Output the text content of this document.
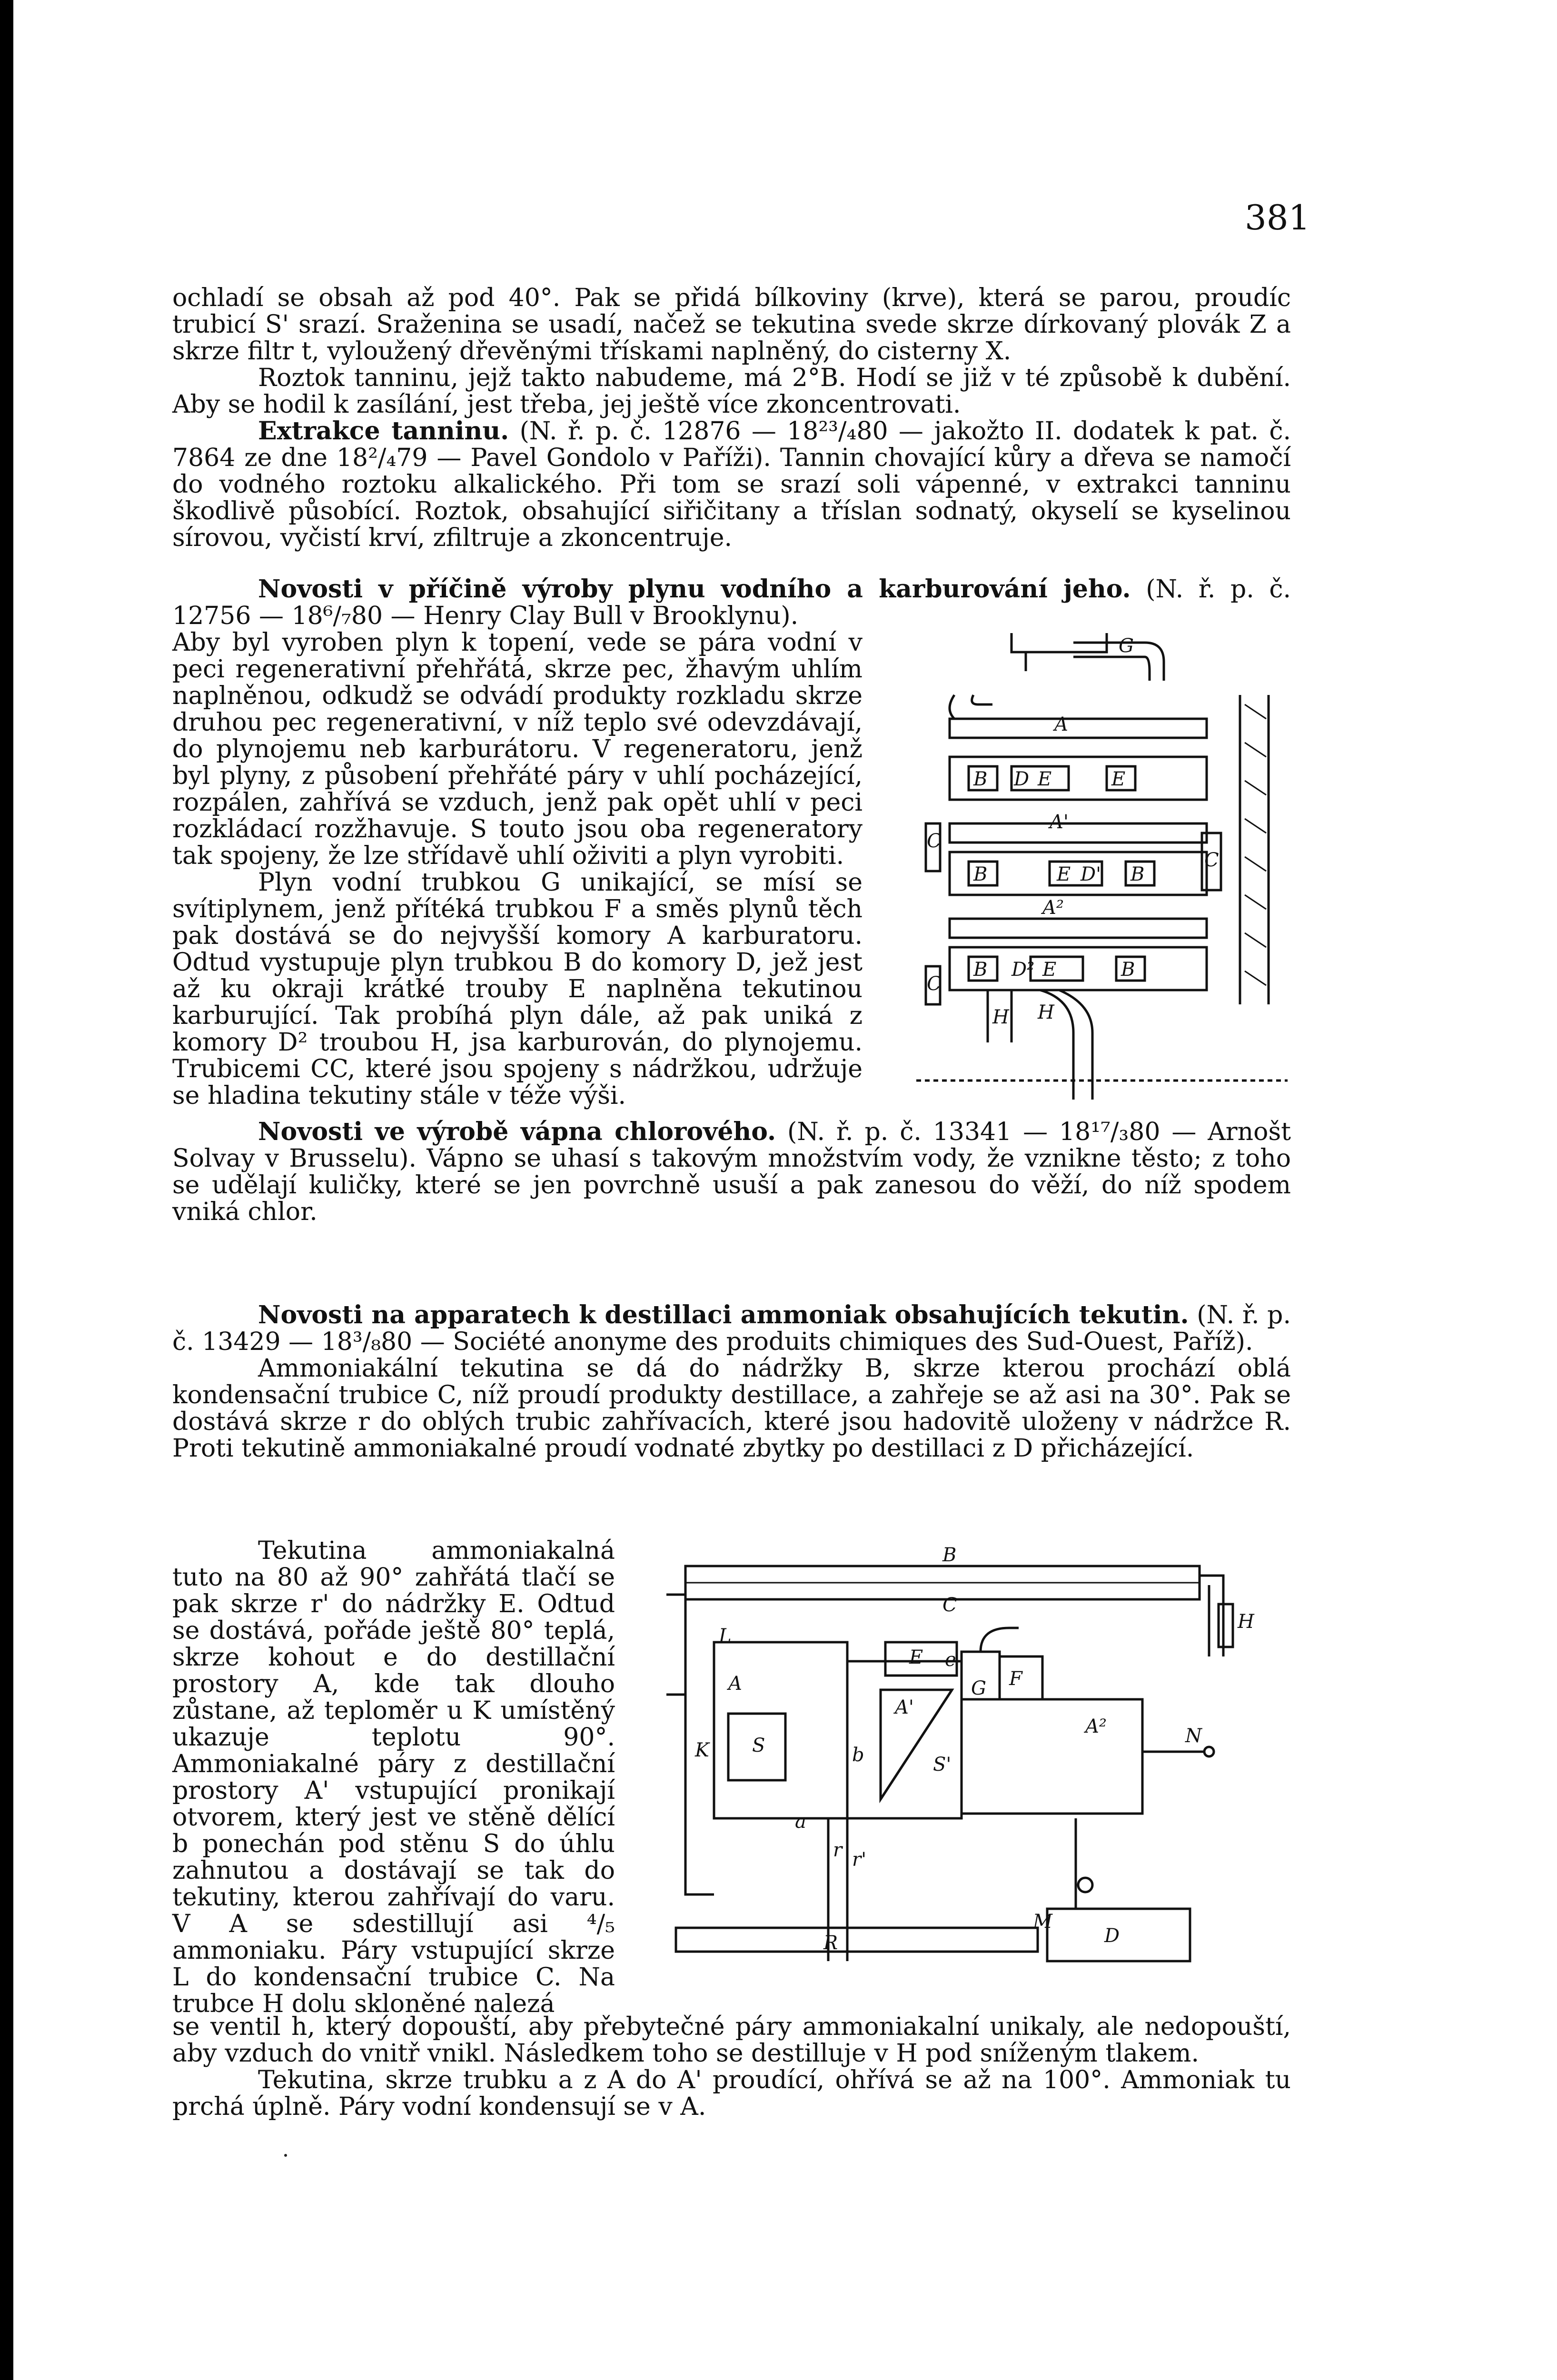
381

ochladí se obsah až pod 40°. Pak se přidá bílkoviny (krve), která se parou, proudíc trubicí S' srazí. Sraženina se usadí, načež se tekutina svede skrze dírkovaný plovák Z a skrze filtr t, vyloužený dřevěnými třískami naplněný, do cisterny X.

Roztok tanninu, jejž takto nabudeme, má 2°B. Hodí se již v té způsobě k dubění. Aby se hodil k zasílání, jest třeba, jej ještě více zkoncentrovati.

Extrakce tanninu. (N. ř. p. č. 12876 — 18²³/₄80 — jakožto II. dodatek k pat. č. 7864 ze dne 18²/₄79 — Pavel Gondolo v Paříži). Tannin chovající kůry a dřeva se namočí do vodného roztoku alkalického. Při tom se srazí soli vápenné, v extrakci tanninu škodlivě působící. Roztok, obsahující siřičitany a tříslan sodnatý, okyselí se kyselinou sírovou, vyčistí krví, zfiltruje a zkoncentruje.

Novosti v příčině výroby plynu vodního a karburování jeho. (N. ř. p. č. 12756 — 18⁶/₇80 — Henry Clay Bull v Brooklynu).

Aby byl vyroben plyn k topení, vede se pára vodní v peci regenerativní přehřátá, skrze pec, žhavým uhlím naplněnou, odkudž se odvádí produkty rozkladu skrze druhou pec regenerativní, v níž teplo své odevzdávají, do plynojemu neb karburátoru. V regeneratoru, jenž byl plyny, z působení přehřáté páry v uhlí pocházející, rozpálen, zahřívá se vzduch, jenž pak opět uhlí v peci rozkládací rozžhavuje. S touto jsou oba regeneratory tak spojeny, že lze střídavě uhlí oživiti a plyn vyrobiti.

Plyn vodní trubkou G unikající, se mísí se svítiplynem, jenž přítéká trubkou F a směs plynů těch pak dostává se do nejvyšší komory A karburatoru. Odtud vystupuje plyn trubkou B do komory D, jež jest až ku okraji krátké trouby E naplněna tekutinou karburující. Tak probíhá plyn dále, až pak uniká z komory D² troubou H, jsa karburován, do plynojemu. Trubicemi CC, které jsou spojeny s nádržkou, udržuje se hladina tekutiny stále v téže výši.

G
A
B D E	E
A'
B	E D' B
A²
B D² E	B
H H
C
C
C

Novosti ve výrobě vápna chlorového. (N. ř. p. č. 13341 — 18¹⁷/₃80 — Arnošt Solvay v Brusselu). Vápno se uhasí s takovým množstvím vody, že vznikne těsto; z toho se udělají kuličky, které se jen povrchně usuší a pak zanesou do věží, do níž spodem vniká chlor.

Novosti na apparatech k destillaci ammoniak obsahujících tekutin. (N. ř. p. č. 13429 — 18³/₈80 — Société anonyme des produits chimiques des Sud-Ouest, Paříž).

Ammoniakální tekutina se dá do nádržky B, skrze kterou prochází oblá kondensační trubice C, níž proudí produkty destillace, a zahřeje se až asi na 30°. Pak se dostává skrze r do oblých trubic zahřívacích, které jsou hadovitě uloženy v nádržce R. Proti tekutině ammoniakalné proudí vodnaté zbytky po destillaci z D přicházející.

Tekutina ammoniakalná tuto na 80 až 90° zahřátá tlačí se pak skrze r' do nádržky E. Odtud se dostává, pořáde ještě 80° teplá, skrze kohout e do destillační prostory A, kde tak dlouho zůstane, až teploměr u K umístěný ukazuje teplotu 90°. Ammoniakalné páry z destillační prostory A' vstupující pronikají otvorem, který jest ve stěně dělící b ponechán pod stěnu S do úhlu zahnutou a dostávají se tak do tekutiny, kterou zahřívají do varu. V A se sdestillují asi ⁴/₅ ammoniaku. Páry vstupující skrze L do kondensační trubice C. Na trubce H dolu skloněné nalezá

B
C
L
E e
A
K S
A'
S'
b
a
G F
A²	N
r r'
R
M
D
H

se ventil h, který dopouští, aby přebytečné páry ammoniakalní unikaly, ale nedopouští, aby vzduch do vnitř vnikl. Následkem toho se destilluje v H pod sníženým tlakem.

Tekutina, skrze trubku a z A do A' proudící, ohřívá se až na 100°. Ammoniak tu prchá úplně. Páry vodní kondensují se v A.
